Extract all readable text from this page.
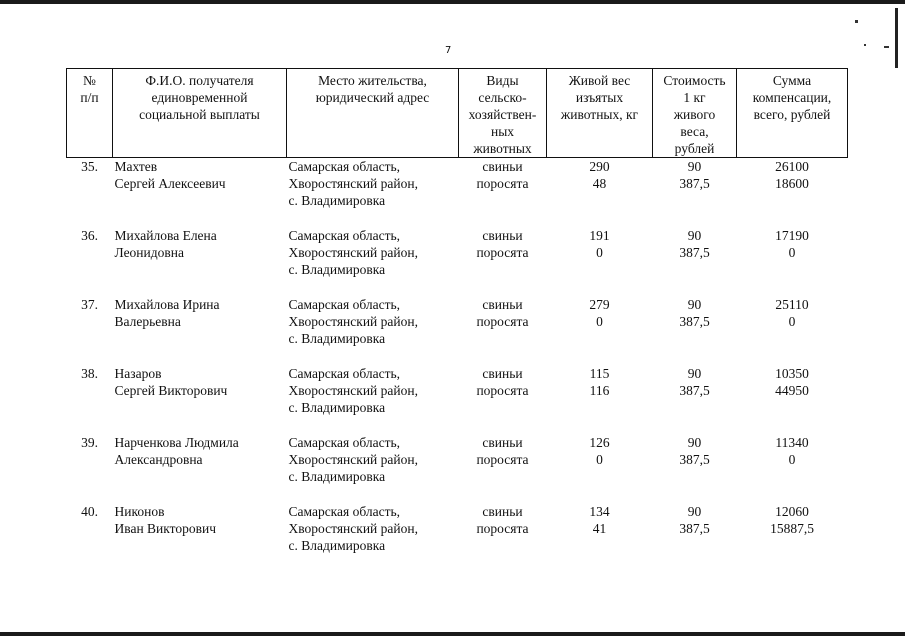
7
№
п/п	Ф.И.О. получателя
единовременной
социальной выплаты	Место жительства,
юридический адрес	Виды
сельско-
хозяйствен-
ных
животных	Живой вес
изъятых
животных, кг	Стоимость
1 кг
живого
веса,
рублей	Сумма
компенсации,
всего, рублей
35.	Махтев
Сергей Алексеевич	Самарская область,
Хворостянский район,
с. Владимировка	свиньи
поросята	290
48	90
387,5	26100
18600
36.	Михайлова Елена
Леонидовна	Самарская область,
Хворостянский район,
с. Владимировка	свиньи
поросята	191
0	90
387,5	17190
0
37.	Михайлова Ирина
Валерьевна	Самарская область,
Хворостянский район,
с. Владимировка	свиньи
поросята	279
0	90
387,5	25110
0
38.	Назаров
Сергей Викторович	Самарская область,
Хворостянский район,
с. Владимировка	свиньи
поросята	115
116	90
387,5	10350
44950
39.	Нарченкова Людмила
Александровна	Самарская область,
Хворостянский район,
с. Владимировка	свиньи
поросята	126
0	90
387,5	11340
0
40.	Никонов
Иван Викторович	Самарская область,
Хворостянский район,
с. Владимировка	свиньи
поросята	134
41	90
387,5	12060
15887,5
